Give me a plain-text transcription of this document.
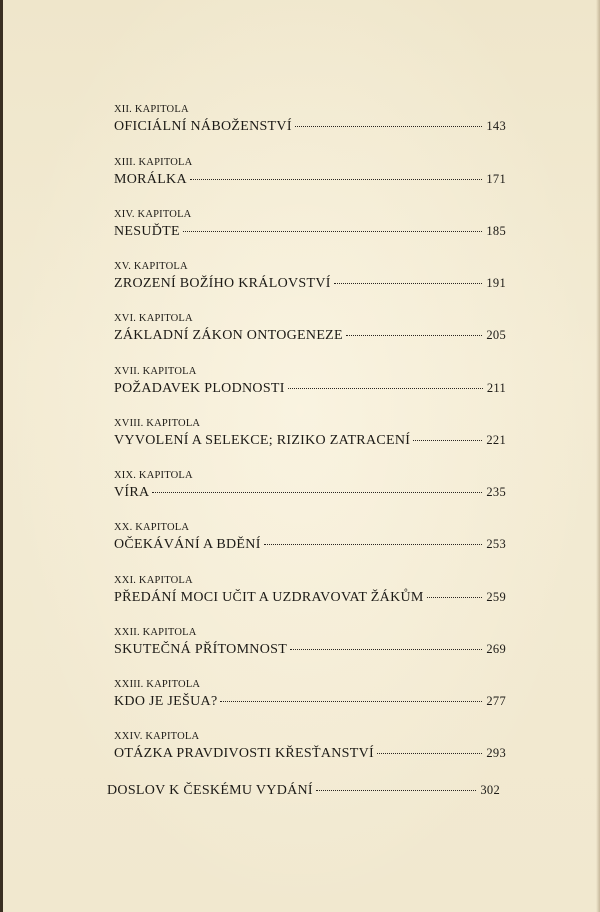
XII. KAPITOLA
OFICIÁLNÍ NÁBOŽENSTVÍ	143
XIII. KAPITOLA
MORÁLKA	171
XIV. KAPITOLA
NESUĎTE	185
XV. KAPITOLA
ZROZENÍ BOŽÍHO KRÁLOVSTVÍ	191
XVI. KAPITOLA
ZÁKLADNÍ ZÁKON ONTOGENEZE	205
XVII. KAPITOLA
POŽADAVEK PLODNOSTI	211
XVIII. KAPITOLA
VYVOLENÍ A SELEKCE; RIZIKO ZATRACENÍ	221
XIX. KAPITOLA
VÍRA	235
XX. KAPITOLA
OČEKÁVÁNÍ A BDĚNÍ	253
XXI. KAPITOLA
PŘEDÁNÍ MOCI UČIT A UZDRAVOVAT ŽÁKŮM	259
XXII. KAPITOLA
SKUTEČNÁ PŘÍTOMNOST	269
XXIII. KAPITOLA
KDO JE JEŠUA?	277
XXIV. KAPITOLA
OTÁZKA PRAVDIVOSTI KŘESŤANSTVÍ	293
DOSLOV K ČESKÉMU VYDÁNÍ	302
